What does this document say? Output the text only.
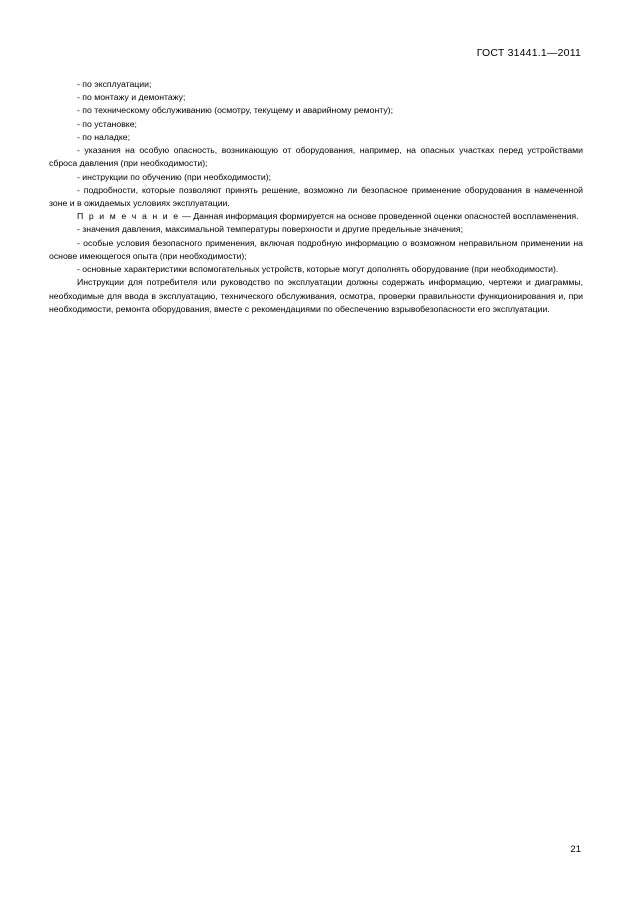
ГОСТ 31441.1—2011

- по эксплуатации;

- по монтажу и демонтажу;

- по техническому обслуживанию (осмотру, текущему и аварийному ремонту);

- по установке;

- по наладке;

- указания на особую опасность, возникающую от оборудования, например, на опасных участках перед устройствами сброса давления (при необходимости);

- инструкции по обучению (при необходимости);

- подробности, которые позволяют принять решение, возможно ли безопасное применение оборудования в намеченной зоне и в ожидаемых условиях эксплуатации.

П р и м е ч а н и е — Данная информация формируется на основе проведенной оценки опасностей воспламенения.

- значения давления, максимальной температуры поверхности и другие предельные значения;

- особые условия безопасного применения, включая подробную информацию о возможном неправильном применении на основе имеющегося опыта (при необходимости);

- основные характеристики вспомогательных устройств, которые могут дополнять оборудование (при необходимости).

Инструкции для потребителя или руководство по эксплуатации должны содержать информацию, чертежи и диаграммы, необходимые для ввода в эксплуатацию, технического обслуживания, осмотра, проверки правильности функционирования и, при необходимости, ремонта оборудования, вместе с рекомендациями по обеспечению взрывобезопасности его эксплуатации.

21
